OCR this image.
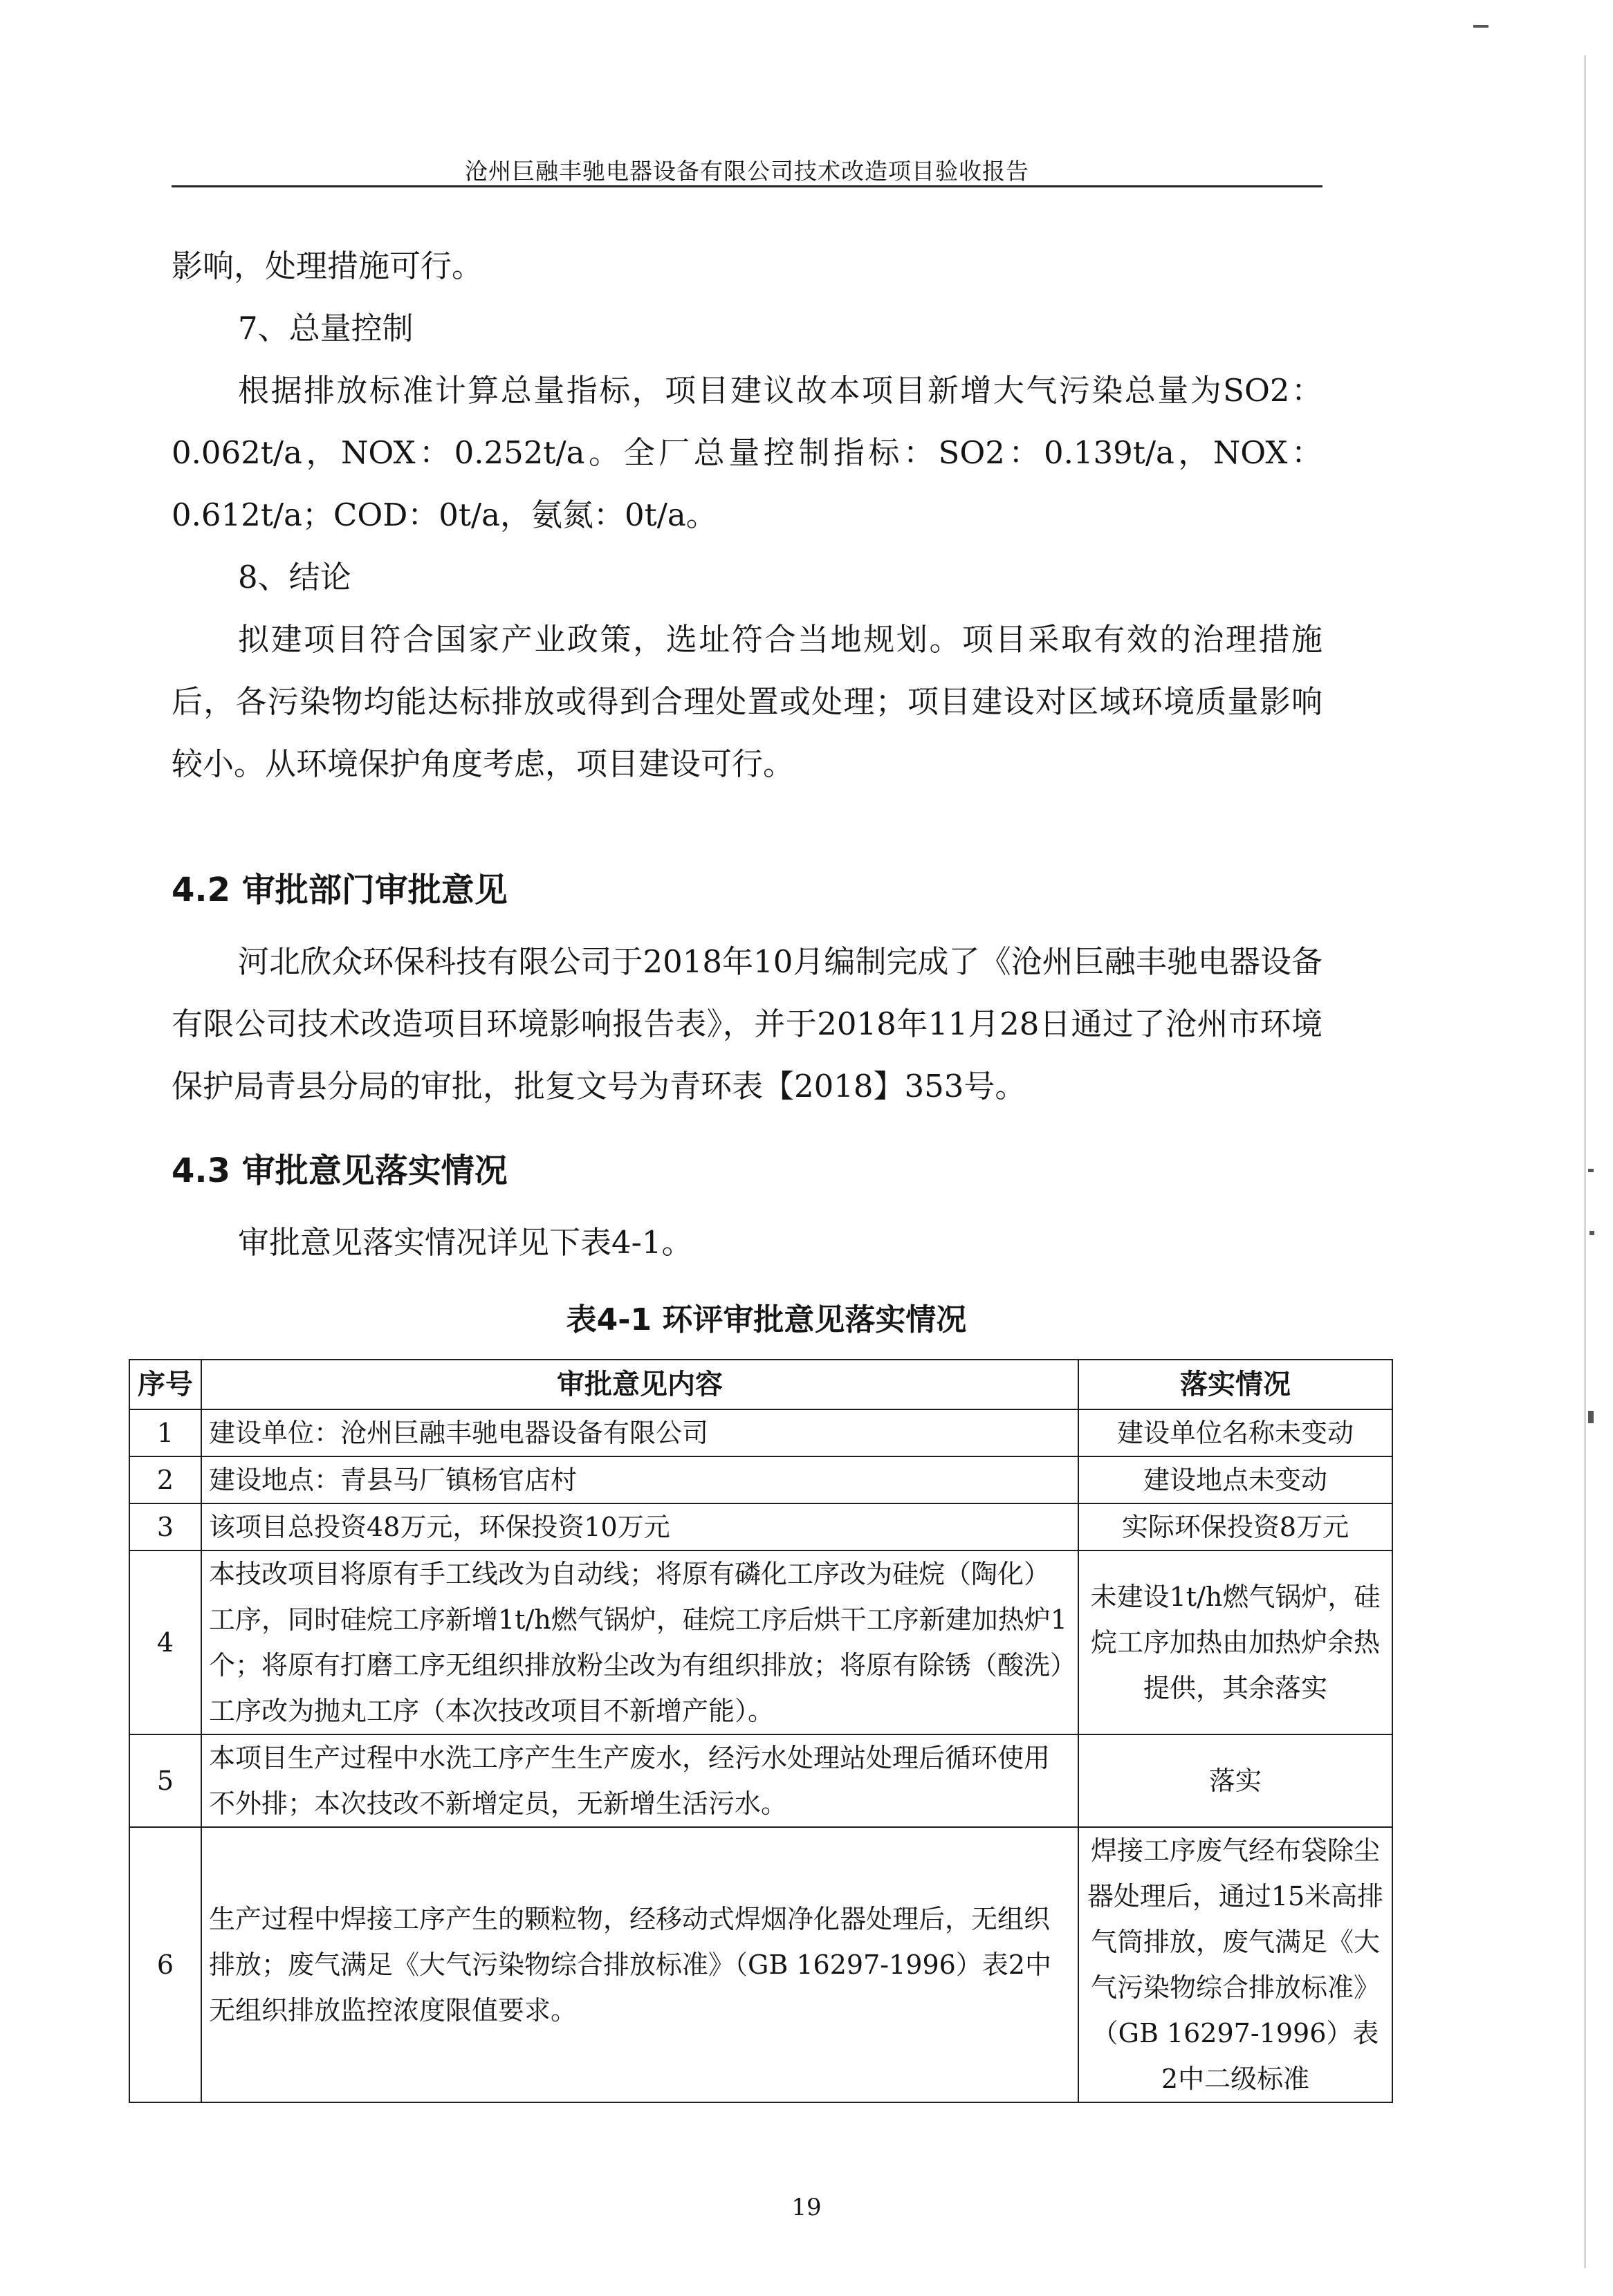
沧州巨融丰驰电器设备有限公司技术改造项目验收报告

影响，处理措施可行。

7、总量控制

根据排放标准计算总量指标，项目建议故本项目新增大气污染总量为SO2：0.062t/a，NOX：0.252t/a。全厂总量控制指标：SO2：0.139t/a，NOX：0.612t/a；COD：0t/a，氨氮：0t/a。

8、结论

拟建项目符合国家产业政策，选址符合当地规划。项目采取有效的治理措施后，各污染物均能达标排放或得到合理处置或处理；项目建设对区域环境质量影响较小。从环境保护角度考虑，项目建设可行。

4.2 审批部门审批意见

河北欣众环保科技有限公司于2018年10月编制完成了《沧州巨融丰驰电器设备有限公司技术改造项目环境影响报告表》，并于2018年11月28日通过了沧州市环境保护局青县分局的审批，批复文号为青环表【2018】353号。

4.3 审批意见落实情况

审批意见落实情况详见下表4-1。

表4-1 环评审批意见落实情况
序号	审批意见内容	落实情况
1	建设单位：沧州巨融丰驰电器设备有限公司	建设单位名称未变动
2	建设地点：青县马厂镇杨官店村	建设地点未变动
3	该项目总投资48万元，环保投资10万元	实际环保投资8万元
4	本技改项目将原有手工线改为自动线；将原有磷化工序改为硅烷（陶化）工序，同时硅烷工序新增1t/h燃气锅炉，硅烷工序后烘干工序新建加热炉1个；将原有打磨工序无组织排放粉尘改为有组织排放；将原有除锈（酸洗）工序改为抛丸工序（本次技改项目不新增产能）。	未建设1t/h燃气锅炉，硅烷工序加热由加热炉余热提供，其余落实
5	本项目生产过程中水洗工序产生生产废水，经污水处理站处理后循环使用不外排；本次技改不新增定员，无新增生活污水。	落实
6	生产过程中焊接工序产生的颗粒物，经移动式焊烟净化器处理后，无组织排放；废气满足《大气污染物综合排放标准》（GB 16297-1996）表2中无组织排放监控浓度限值要求。	焊接工序废气经布袋除尘器处理后，通过15米高排气筒排放，废气满足《大气污染物综合排放标准》（GB 16297-1996）表2中二级标准
19
